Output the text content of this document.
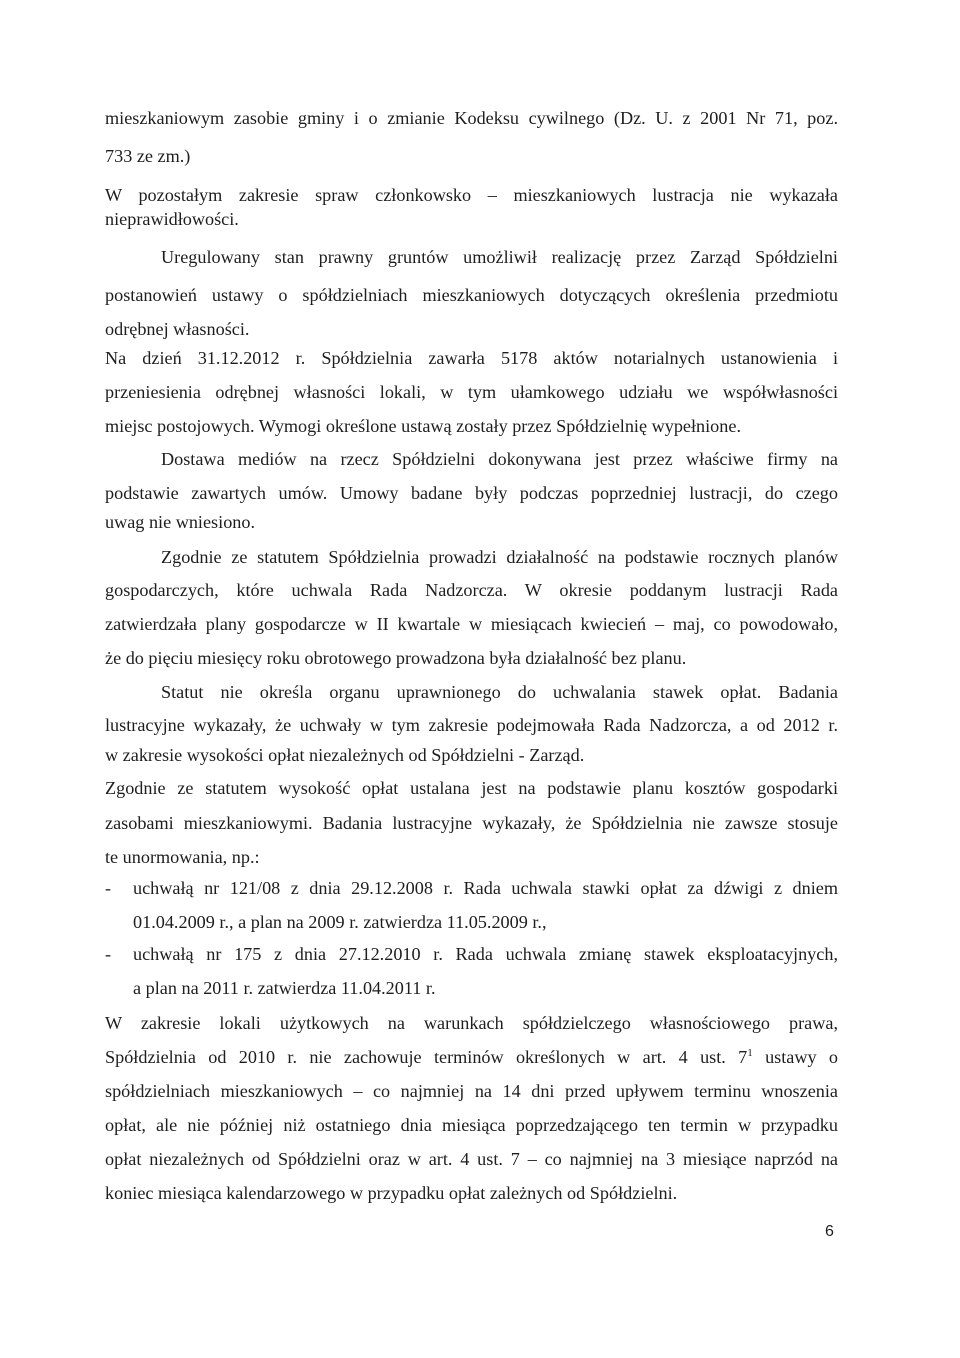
mieszkaniowym zasobie gminy i o zmianie Kodeksu cywilnego (Dz. U. z 2001 Nr 71, poz.
733 ze zm.)
W pozostałym zakresie spraw członkowsko – mieszkaniowych lustracja nie wykazała
nieprawidłowości.
Uregulowany stan prawny gruntów umożliwił realizację przez Zarząd Spółdzielni
postanowień ustawy o spółdzielniach mieszkaniowych dotyczących określenia przedmiotu
odrębnej własności.
Na dzień 31.12.2012 r. Spółdzielnia zawarła 5178 aktów notarialnych ustanowienia i
przeniesienia odrębnej własności lokali, w tym ułamkowego udziału we współwłasności
miejsc postojowych. Wymogi określone ustawą zostały przez Spółdzielnię wypełnione.
Dostawa mediów na rzecz Spółdzielni dokonywana jest przez właściwe firmy na
podstawie zawartych umów. Umowy badane były podczas poprzedniej lustracji, do czego
uwag nie wniesiono.
Zgodnie ze statutem Spółdzielnia prowadzi działalność na podstawie rocznych planów
gospodarczych, które uchwala Rada Nadzorcza. W okresie poddanym lustracji Rada
zatwierdzała plany gospodarcze w II kwartale w miesiącach kwiecień – maj, co powodowało,
że do pięciu miesięcy roku obrotowego prowadzona była działalność bez planu.
Statut nie określa organu uprawnionego do uchwalania stawek opłat. Badania
lustracyjne wykazały, że uchwały w tym zakresie podejmowała Rada Nadzorcza, a od 2012 r.
w zakresie wysokości opłat niezależnych od Spółdzielni - Zarząd.
Zgodnie ze statutem wysokość opłat ustalana jest na podstawie planu kosztów gospodarki
zasobami mieszkaniowymi. Badania lustracyjne wykazały, że Spółdzielnia nie zawsze stosuje
te unormowania, np.:
- uchwałą nr 121/08 z dnia 29.12.2008 r. Rada uchwala stawki opłat za dźwigi z dniem
01.04.2009 r., a plan na 2009 r. zatwierdza 11.05.2009 r.,
- uchwałą nr 175 z dnia 27.12.2010 r. Rada uchwala zmianę stawek eksploatacyjnych,
a plan na 2011 r. zatwierdza 11.04.2011 r.
W zakresie lokali użytkowych na warunkach spółdzielczego własnościowego prawa,
Spółdzielnia od 2010 r. nie zachowuje terminów określonych w art. 4 ust. $7^1$ ustawy o
spółdzielniach mieszkaniowych – co najmniej na 14 dni przed upływem terminu wnoszenia
opłat, ale nie później niż ostatniego dnia miesiąca poprzedzającego ten termin w przypadku
opłat niezależnych od Spółdzielni oraz w art. 4 ust. 7 – co najmniej na 3 miesiące naprzód na
koniec miesiąca kalendarzowego w przypadku opłat zależnych od Spółdzielni.
6
